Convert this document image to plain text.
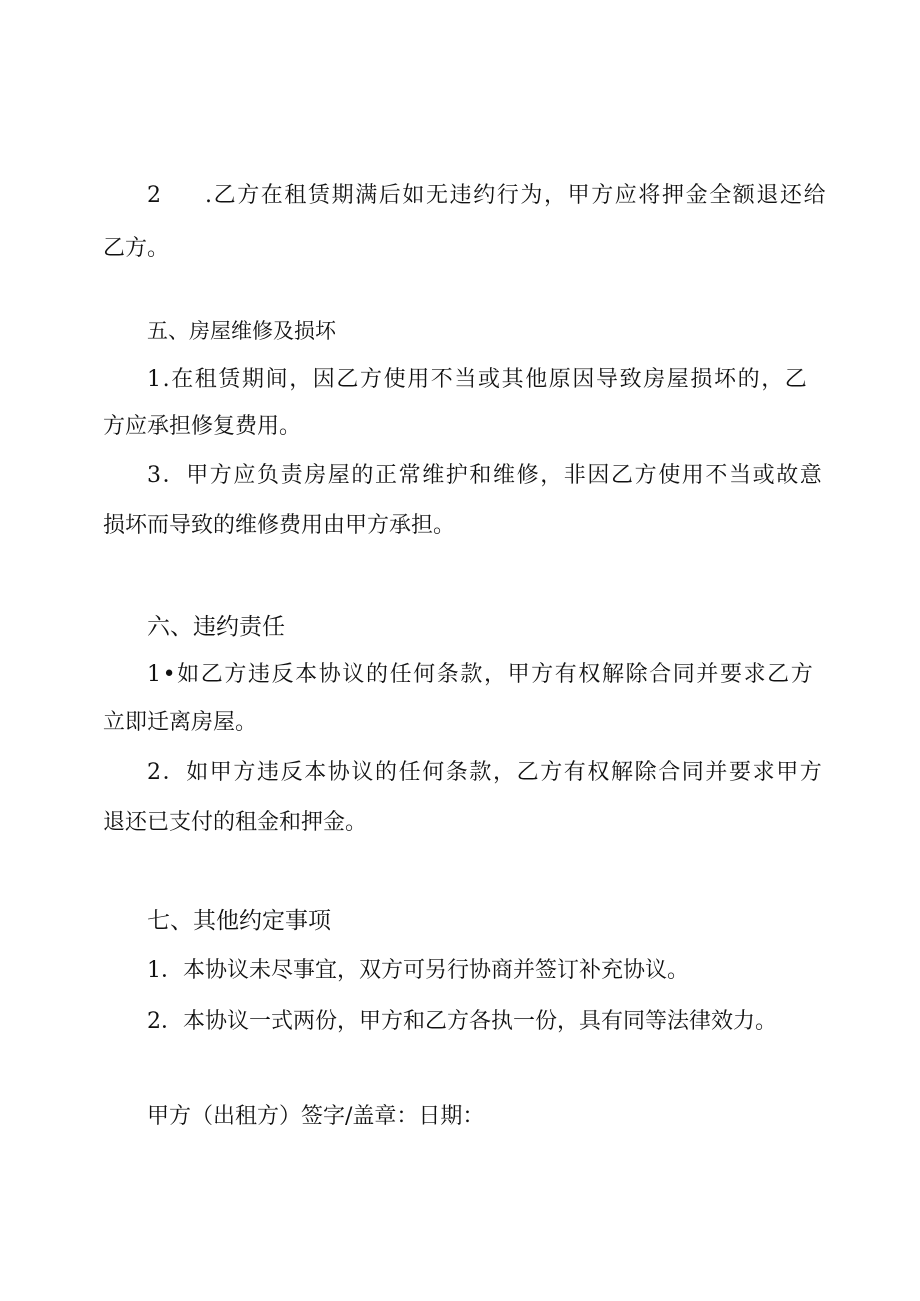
2 .乙方在租赁期满后如无违约行为，甲方应将押金全额退还给
乙方。
五、房屋维修及损坏
1.在租赁期间，因乙方使用不当或其他原因导致房屋损坏的，乙
方应承担修复费用。
3．甲方应负责房屋的正常维护和维修，非因乙方使用不当或故意
损坏而导致的维修费用由甲方承担。
六、违约责任
1•如乙方违反本协议的任何条款，甲方有权解除合同并要求乙方
立即迁离房屋。
2．如甲方违反本协议的任何条款，乙方有权解除合同并要求甲方
退还已支付的租金和押金。
七、其他约定事项
1．本协议未尽事宜，双方可另行协商并签订补充协议。
2．本协议一式两份，甲方和乙方各执一份，具有同等法律效力。
甲方（出租方）签字/盖章：日期：
